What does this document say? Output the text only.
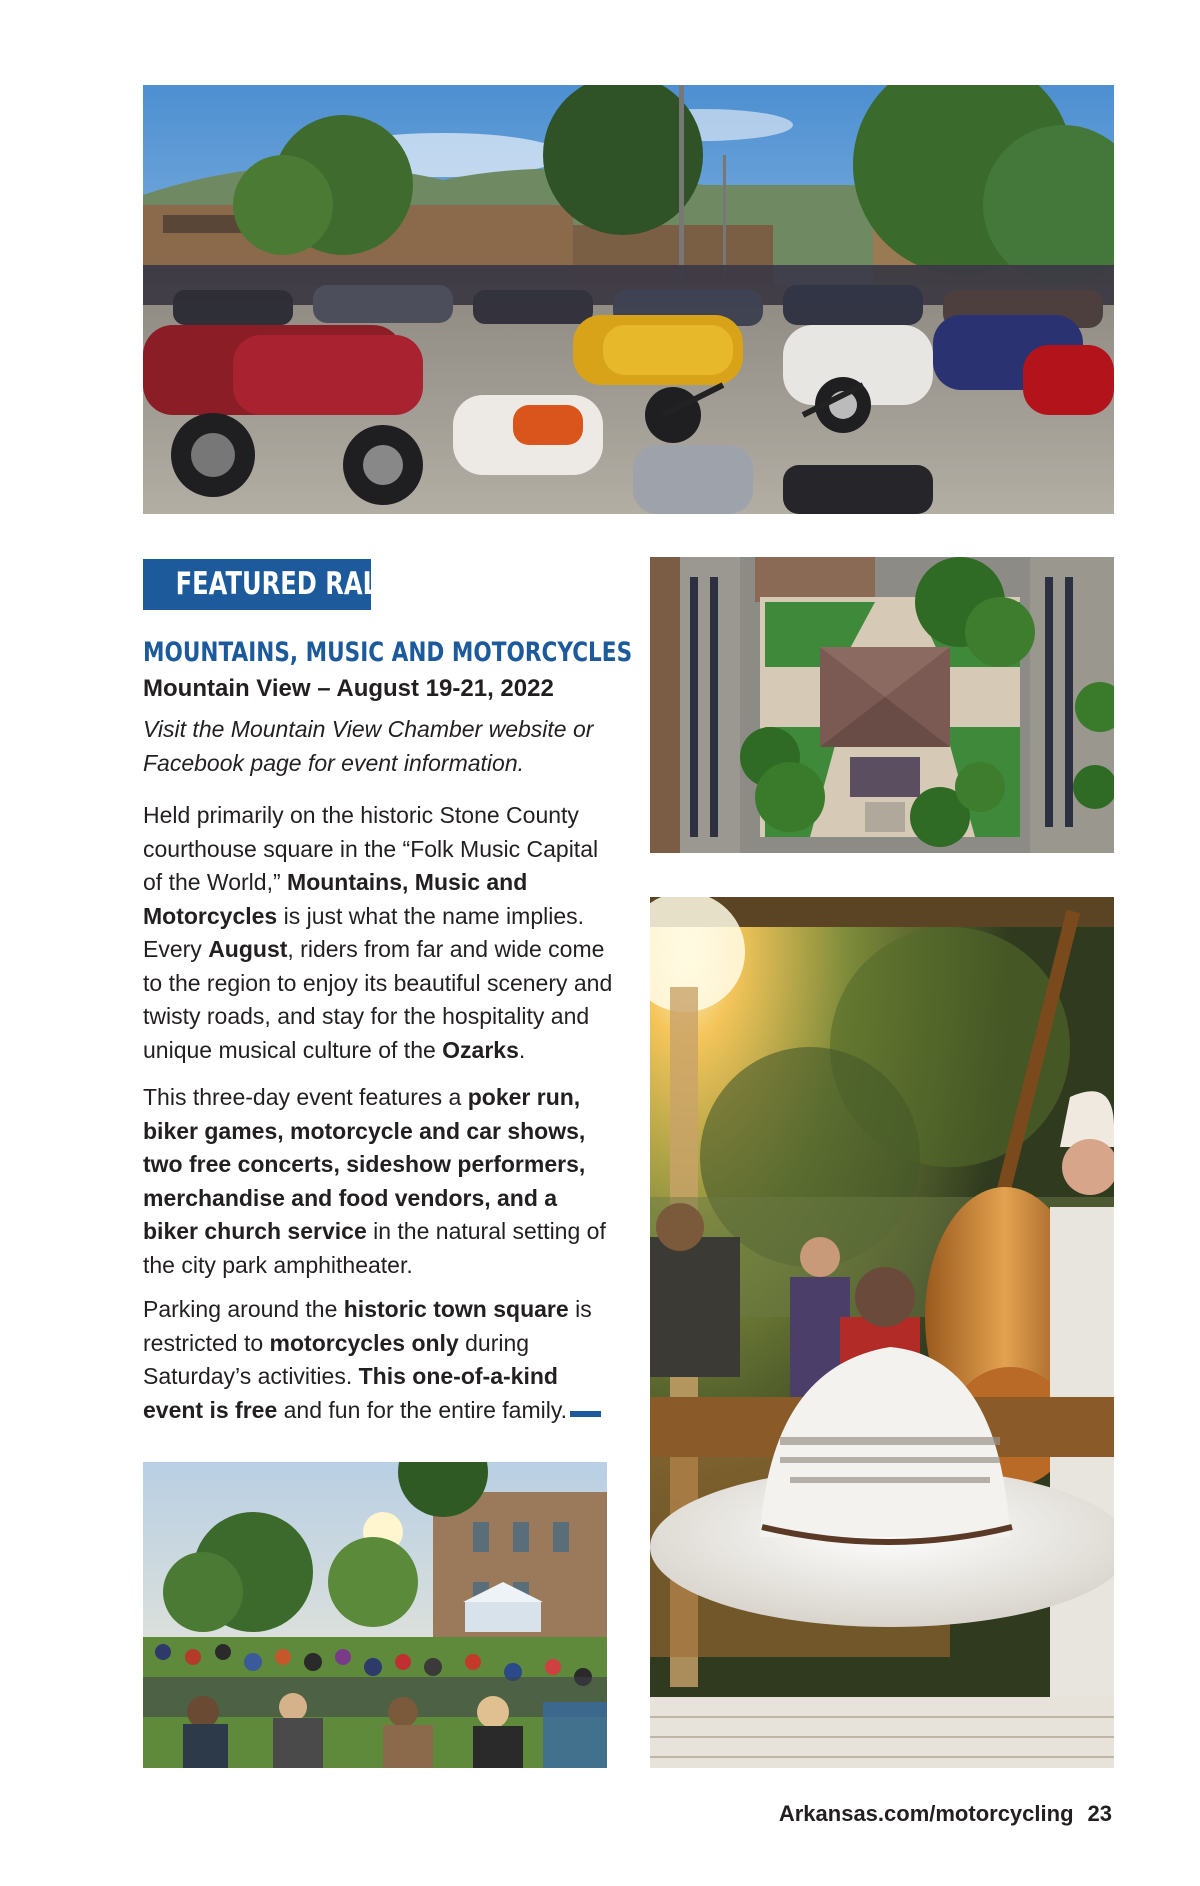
FEATURED RALLY
MOUNTAINS, MUSIC AND MOTORCYCLES
Mountain View – August 19-21, 2022
Visit the Mountain View Chamber website or Facebook page for event information.

Held primarily on the historic Stone County courthouse square in the “Folk Music Capital of the World,” Mountains, Music and Motorcycles is just what the name implies. Every August, riders from far and wide come to the region to enjoy its beautiful scenery and twisty roads, and stay for the hospitality and unique musical culture of the Ozarks.

This three-day event features a poker run, biker games, motorcycle and car shows, two free concerts, sideshow performers, merchandise and food vendors, and a biker church service in the natural setting of the city park amphitheater.

Parking around the historic town square is restricted to motorcycles only during Saturday’s activities. This one-of-a-kind event is free and fun for the entire family.

Arkansas.com/motorcycling 23
